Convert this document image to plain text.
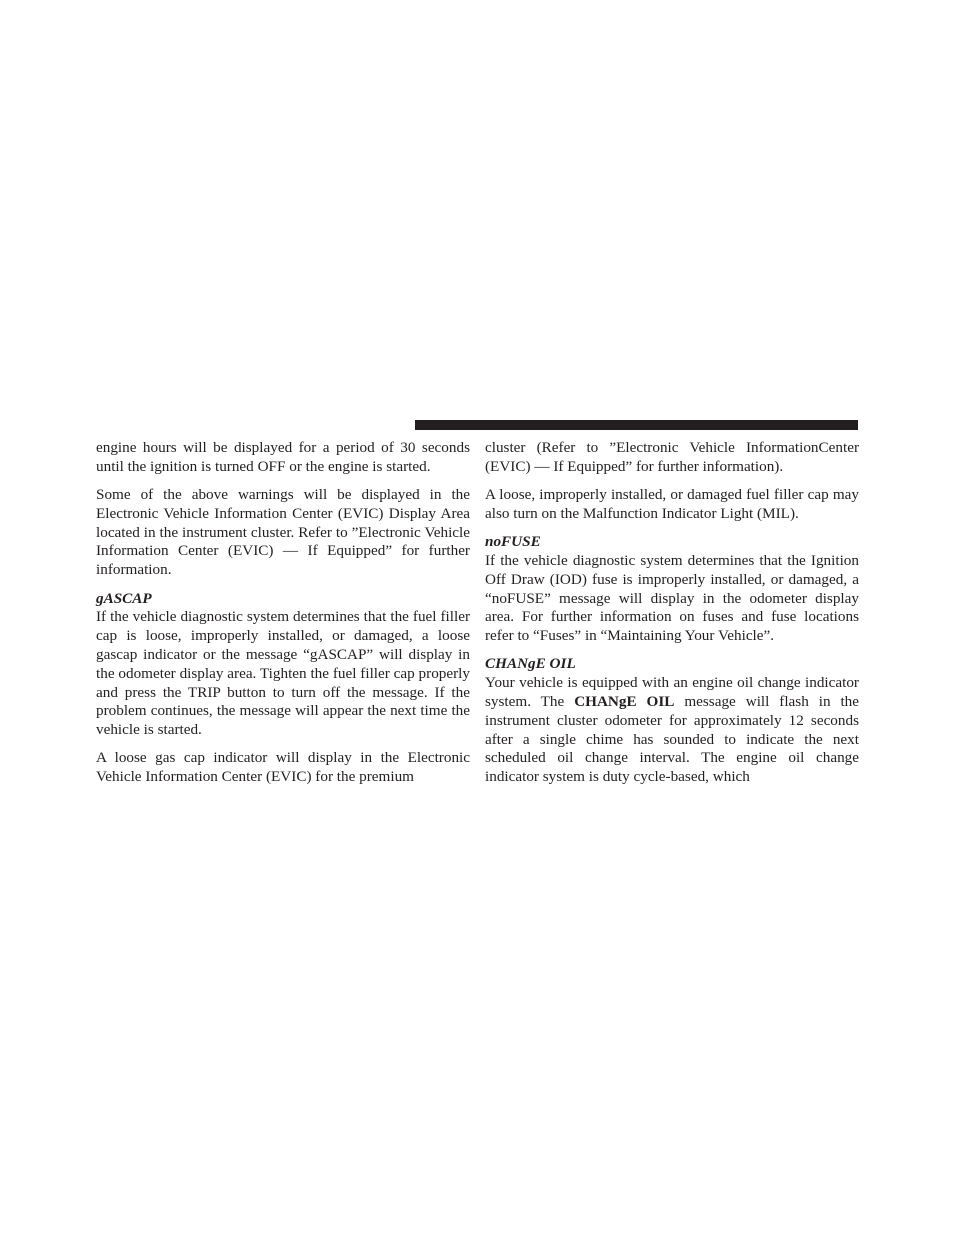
engine hours will be displayed for a period of 30 seconds until the ignition is turned OFF or the engine is started.

Some of the above warnings will be displayed in the Electronic Vehicle Information Center (EVIC) Display Area located in the instrument cluster. Refer to ”Electronic Vehicle Information Center (EVIC) — If Equipped” for further information.

gASCAP

If the vehicle diagnostic system determines that the fuel filler cap is loose, improperly installed, or damaged, a loose gascap indicator or the message “gASCAP” will display in the odometer display area. Tighten the fuel filler cap properly and press the TRIP button to turn off the message. If the problem continues, the message will appear the next time the vehicle is started.

A loose gas cap indicator will display in the Electronic Vehicle Information Center (EVIC) for the premium

cluster (Refer to ”Electronic Vehicle InformationCenter (EVIC) — If Equipped” for further information).

A loose, improperly installed, or damaged fuel filler cap may also turn on the Malfunction Indicator Light (MIL).

noFUSE

If the vehicle diagnostic system determines that the Ignition Off Draw (IOD) fuse is improperly installed, or damaged, a “noFUSE” message will display in the odometer display area. For further information on fuses and fuse locations refer to “Fuses” in “Maintaining Your Vehicle”.

CHANgE OIL

Your vehicle is equipped with an engine oil change indicator system. The CHANgE OIL message will flash in the instrument cluster odometer for approximately 12 seconds after a single chime has sounded to indicate the next scheduled oil change interval. The engine oil change indicator system is duty cycle-based, which
